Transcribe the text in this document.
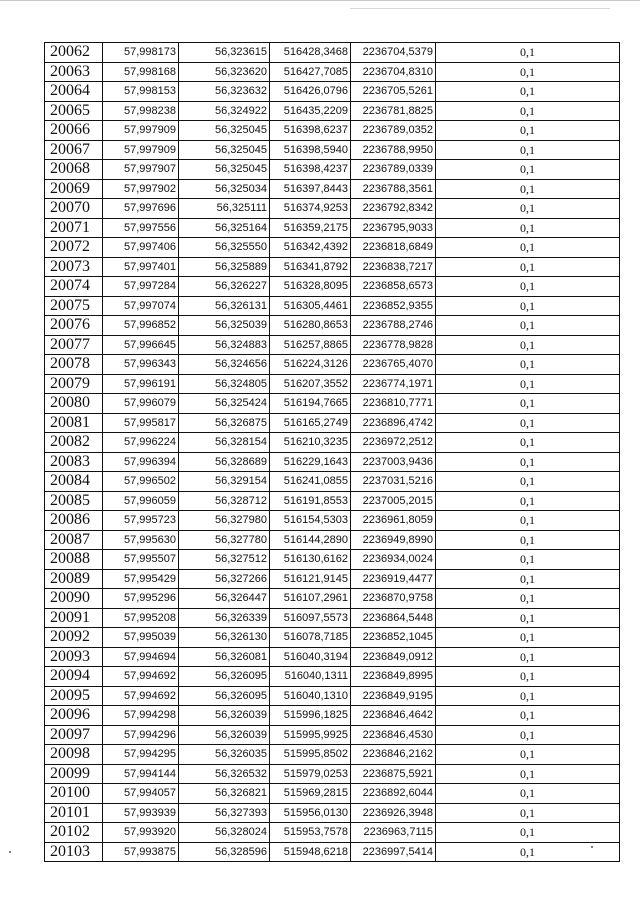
20062	57,998173	56,323615	516428,3468	2236704,5379	0,1
20063	57,998168	56,323620	516427,7085	2236704,8310	0,1
20064	57,998153	56,323632	516426,0796	2236705,5261	0,1
20065	57,998238	56,324922	516435,2209	2236781,8825	0,1
20066	57,997909	56,325045	516398,6237	2236789,0352	0,1
20067	57,997909	56,325045	516398,5940	2236788,9950	0,1
20068	57,997907	56,325045	516398,4237	2236789,0339	0,1
20069	57,997902	56,325034	516397,8443	2236788,3561	0,1
20070	57,997696	56,325111	516374,9253	2236792,8342	0,1
20071	57,997556	56,325164	516359,2175	2236795,9033	0,1
20072	57,997406	56,325550	516342,4392	2236818,6849	0,1
20073	57,997401	56,325889	516341,8792	2236838,7217	0,1
20074	57,997284	56,326227	516328,8095	2236858,6573	0,1
20075	57,997074	56,326131	516305,4461	2236852,9355	0,1
20076	57,996852	56,325039	516280,8653	2236788,2746	0,1
20077	57,996645	56,324883	516257,8865	2236778,9828	0,1
20078	57,996343	56,324656	516224,3126	2236765,4070	0,1
20079	57,996191	56,324805	516207,3552	2236774,1971	0,1
20080	57,996079	56,325424	516194,7665	2236810,7771	0,1
20081	57,995817	56,326875	516165,2749	2236896,4742	0,1
20082	57,996224	56,328154	516210,3235	2236972,2512	0,1
20083	57,996394	56,328689	516229,1643	2237003,9436	0,1
20084	57,996502	56,329154	516241,0855	2237031,5216	0,1
20085	57,996059	56,328712	516191,8553	2237005,2015	0,1
20086	57,995723	56,327980	516154,5303	2236961,8059	0,1
20087	57,995630	56,327780	516144,2890	2236949,8990	0,1
20088	57,995507	56,327512	516130,6162	2236934,0024	0,1
20089	57,995429	56,327266	516121,9145	2236919,4477	0,1
20090	57,995296	56,326447	516107,2961	2236870,9758	0,1
20091	57,995208	56,326339	516097,5573	2236864,5448	0,1
20092	57,995039	56,326130	516078,7185	2236852,1045	0,1
20093	57,994694	56,326081	516040,3194	2236849,0912	0,1
20094	57,994692	56,326095	516040,1311	2236849,8995	0,1
20095	57,994692	56,326095	516040,1310	2236849,9195	0,1
20096	57,994298	56,326039	515996,1825	2236846,4642	0,1
20097	57,994296	56,326039	515995,9925	2236846,4530	0,1
20098	57,994295	56,326035	515995,8502	2236846,2162	0,1
20099	57,994144	56,326532	515979,0253	2236875,5921	0,1
20100	57,994057	56,326821	515969,2815	2236892,6044	0,1
20101	57,993939	56,327393	515956,0130	2236926,3948	0,1
20102	57,993920	56,328024	515953,7578	2236963,7115	0,1
20103	57,993875	56,328596	515948,6218	2236997,5414	0,1
